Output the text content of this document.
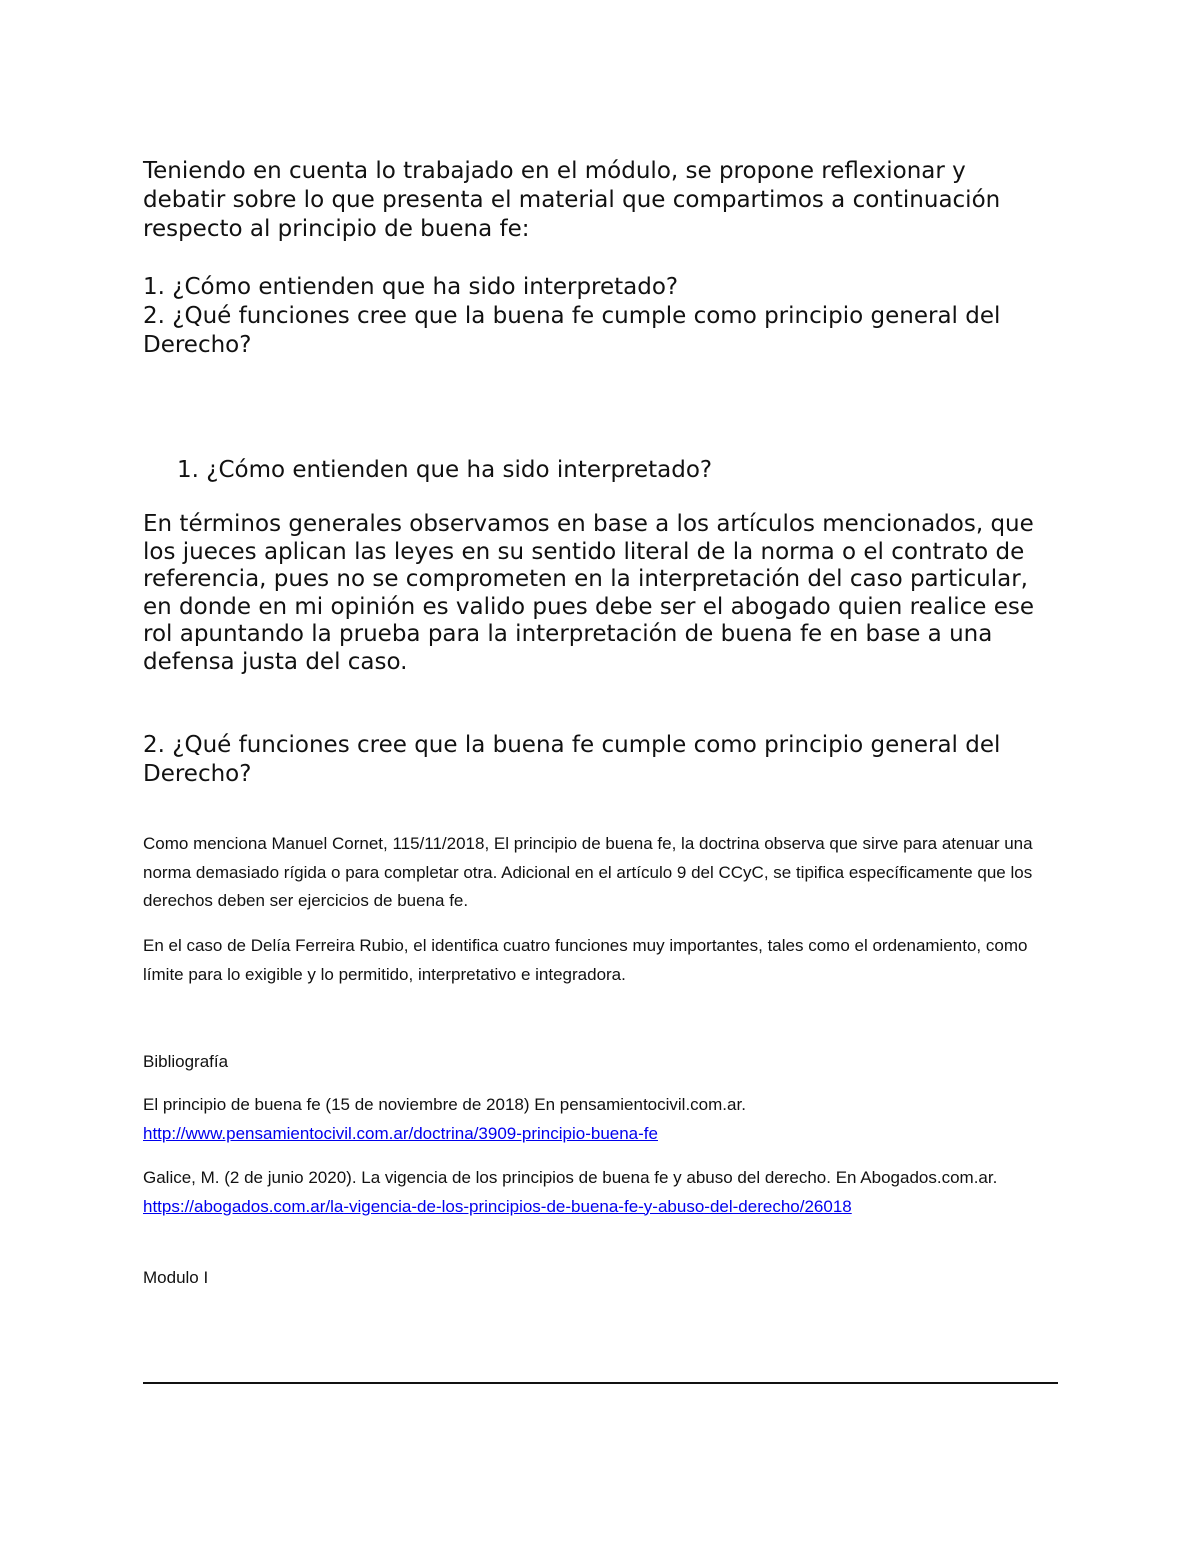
Teniendo en cuenta lo trabajado en el módulo, se propone reflexionar y debatir sobre lo que presenta el material que compartimos a continuación respecto al principio de buena fe:

1. ¿Cómo entienden que ha sido interpretado?

2. ¿Qué funciones cree que la buena fe cumple como principio general del Derecho?

1. ¿Cómo entienden que ha sido interpretado?

En términos generales observamos en base a los artículos mencionados, que los jueces aplican las leyes en su sentido literal de la norma o el contrato de referencia, pues no se comprometen en la interpretación del caso particular, en donde en mi opinión es valido pues debe ser el abogado quien realice ese rol apuntando la prueba para la interpretación de buena fe en base a una defensa justa del caso.

2. ¿Qué funciones cree que la buena fe cumple como principio general del Derecho?

Como menciona Manuel Cornet, 115/11/2018, El principio de buena fe, la doctrina observa que sirve para atenuar una norma demasiado rígida o para completar otra. Adicional en el artículo 9 del CCyC, se tipifica específicamente que los derechos deben ser ejercicios de buena fe.

En el caso de Delía Ferreira Rubio, el identifica cuatro funciones muy importantes, tales como el ordenamiento, como límite para lo exigible y lo permitido, interpretativo e integradora.

Bibliografía

El principio de buena fe (15 de noviembre de 2018) En pensamientocivil.com.ar.

http://www.pensamientocivil.com.ar/doctrina/3909-principio-buena-fe

Galice, M. (2 de junio 2020). La vigencia de los principios de buena fe y abuso del derecho. En Abogados.com.ar. https://abogados.com.ar/la-vigencia-de-los-principios-de-buena-fe-y-abuso-del-derecho/26018

Modulo I
